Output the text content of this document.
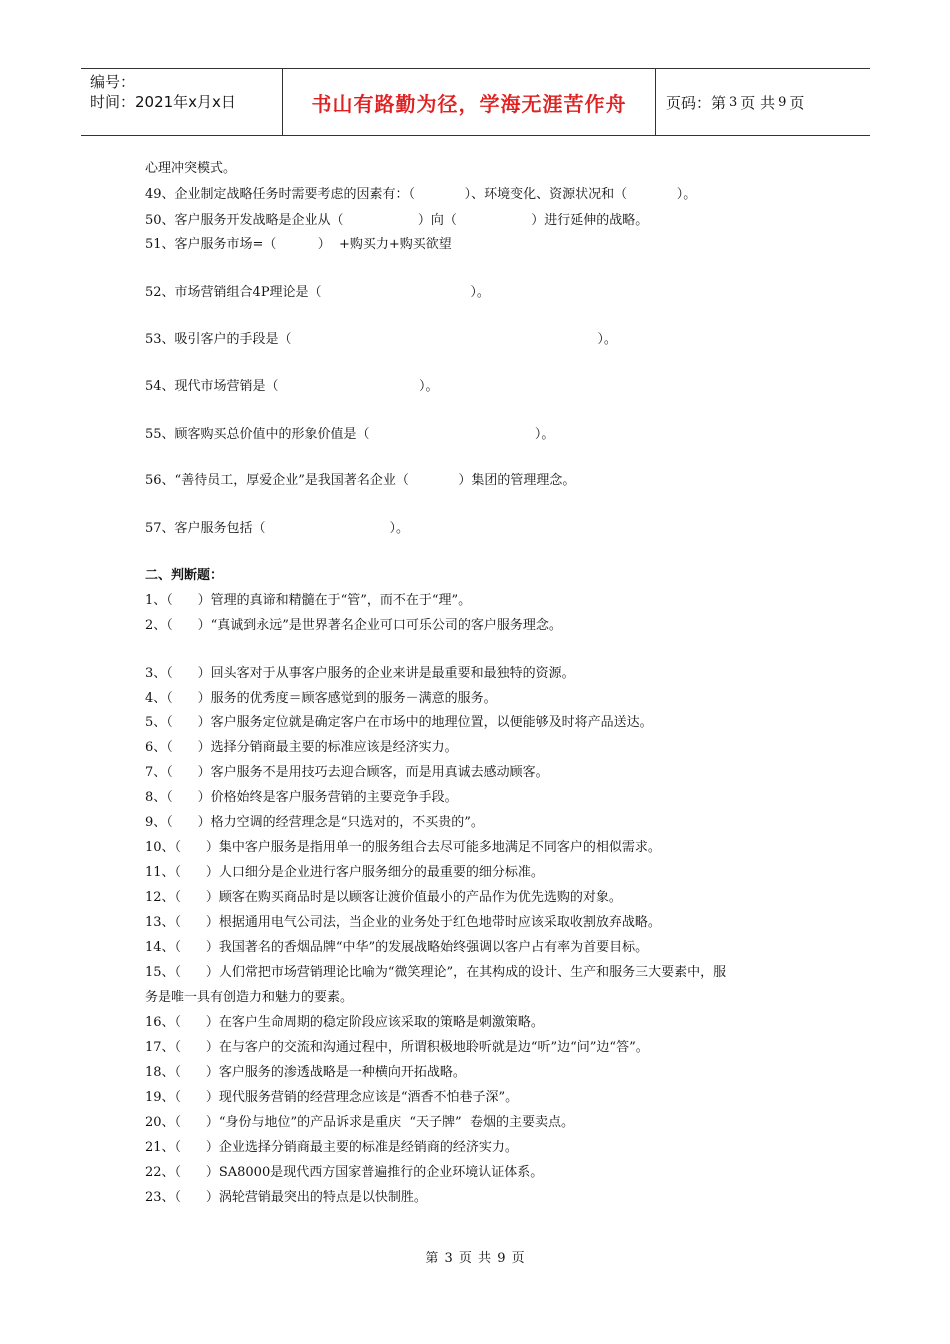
编号：
时间：2021年x月x日	书山有路勤为径，学海无涯苦作舟	页码：第 3 页 共 9 页
心理冲突模式。
49、企业制定战略任务时需要考虑的因素有：（            ）、环境变化、资源状况和（            ）。
50、客户服务开发战略是企业从（                  ）向（                  ）进行延伸的战略。
51、客户服务市场=（          ）  +购买力+购买欲望
52、市场营销组合4P理论是（                                    ）。
53、吸引客户的手段是（                                                                          ）。
54、现代市场营销是（                                  ）。
55、顾客购买总价值中的形象价值是（                                        ）。
56、“善待员工，厚爱企业”是我国著名企业（            ）集团的管理理念。
57、客户服务包括（                              ）。
二、判断题：
1、（      ）管理的真谛和精髓在于“管”，而不在于“理”。
2、（      ）“真诚到永远”是世界著名企业可口可乐公司的客户服务理念。
3、（      ）回头客对于从事客户服务的企业来讲是最重要和最独特的资源。
4、（      ）服务的优秀度＝顾客感觉到的服务－满意的服务。
5、（      ）客户服务定位就是确定客户在市场中的地理位置，以便能够及时将产品送达。
6、（      ）选择分销商最主要的标准应该是经济实力。
7、（      ）客户服务不是用技巧去迎合顾客，而是用真诚去感动顾客。
8、（      ）价格始终是客户服务营销的主要竞争手段。
9、（      ）格力空调的经营理念是“只选对的，不买贵的”。
10、（      ）集中客户服务是指用单一的服务组合去尽可能多地满足不同客户的相似需求。
11、（      ）人口细分是企业进行客户服务细分的最重要的细分标准。
12、（      ）顾客在购买商品时是以顾客让渡价值最小的产品作为优先选购的对象。
13、（      ）根据通用电气公司法，当企业的业务处于红色地带时应该采取收割放弃战略。
14、（      ）我国著名的香烟品牌“中华”的发展战略始终强调以客户占有率为首要目标。
15、（      ）人们常把市场营销理论比喻为“微笑理论”，在其构成的设计、生产和服务三大要素中，服
务是唯一具有创造力和魅力的要素。
16、（      ）在客户生命周期的稳定阶段应该采取的策略是刺激策略。
17、（      ）在与客户的交流和沟通过程中，所谓积极地聆听就是边“听”边“问”边“答”。
18、（      ）客户服务的渗透战略是一种横向开拓战略。
19、（      ）现代服务营销的经营理念应该是“酒香不怕巷子深”。
20、（      ）“身份与地位”的产品诉求是重庆  “天子牌”  卷烟的主要卖点。
21、（      ）企业选择分销商最主要的标准是经销商的经济实力。
22、（      ）SA8000是现代西方国家普遍推行的企业环境认证体系。
23、（      ）涡轮营销最突出的特点是以快制胜。
第 3 页 共 9 页
